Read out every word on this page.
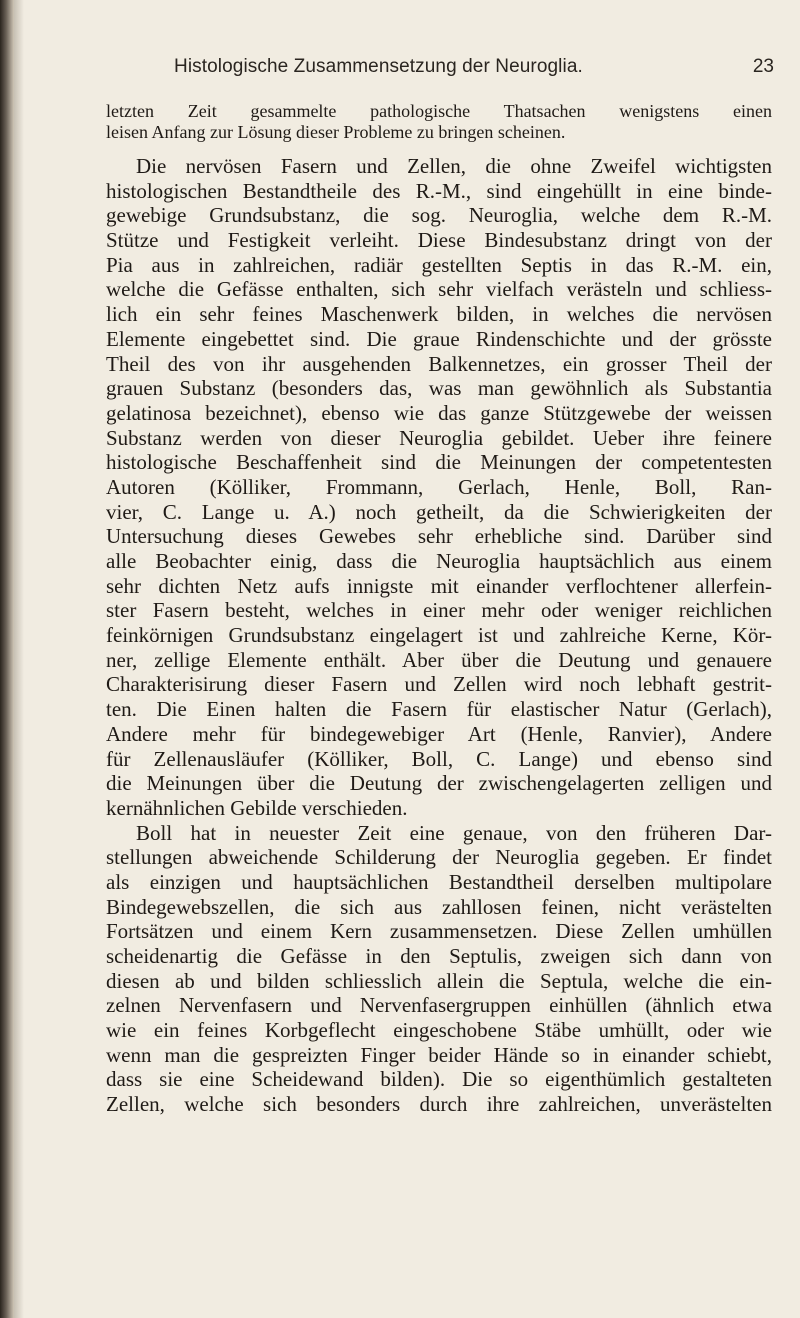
Histologische Zusammensetzung der Neuroglia.	23
letzten Zeit gesammelte pathologische Thatsachen wenigstens einen
leisen Anfang zur Lösung dieser Probleme zu bringen scheinen.
Die nervösen Fasern und Zellen, die ohne Zweifel wichtigsten
histologischen Bestandtheile des R.-M., sind eingehüllt in eine binde-
gewebige Grundsubstanz, die sog. Neuroglia, welche dem R.-M.
Stütze und Festigkeit verleiht. Diese Bindesubstanz dringt von der
Pia aus in zahlreichen, radiär gestellten Septis in das R.-M. ein,
welche die Gefässe enthalten, sich sehr vielfach verästeln und schliess-
lich ein sehr feines Maschenwerk bilden, in welches die nervösen
Elemente eingebettet sind. Die graue Rindenschichte und der grösste
Theil des von ihr ausgehenden Balkennetzes, ein grosser Theil der
grauen Substanz (besonders das, was man gewöhnlich als Substantia
gelatinosa bezeichnet), ebenso wie das ganze Stützgewebe der weissen
Substanz werden von dieser Neuroglia gebildet. Ueber ihre feinere
histologische Beschaffenheit sind die Meinungen der competentesten
Autoren (Kölliker, Frommann, Gerlach, Henle, Boll, Ran-
vier, C. Lange u. A.) noch getheilt, da die Schwierigkeiten der
Untersuchung dieses Gewebes sehr erhebliche sind. Darüber sind
alle Beobachter einig, dass die Neuroglia hauptsächlich aus einem
sehr dichten Netz aufs innigste mit einander verflochtener allerfein-
ster Fasern besteht, welches in einer mehr oder weniger reichlichen
feinkörnigen Grundsubstanz eingelagert ist und zahlreiche Kerne, Kör-
ner, zellige Elemente enthält. Aber über die Deutung und genauere
Charakterisirung dieser Fasern und Zellen wird noch lebhaft gestrit-
ten. Die Einen halten die Fasern für elastischer Natur (Gerlach),
Andere mehr für bindegewebiger Art (Henle, Ranvier), Andere
für Zellenausläufer (Kölliker, Boll, C. Lange) und ebenso sind
die Meinungen über die Deutung der zwischengelagerten zelligen und
kernähnlichen Gebilde verschieden.
Boll hat in neuester Zeit eine genaue, von den früheren Dar-
stellungen abweichende Schilderung der Neuroglia gegeben. Er findet
als einzigen und hauptsächlichen Bestandtheil derselben multipolare
Bindegewebszellen, die sich aus zahllosen feinen, nicht verästelten
Fortsätzen und einem Kern zusammensetzen. Diese Zellen umhüllen
scheidenartig die Gefässe in den Septulis, zweigen sich dann von
diesen ab und bilden schliesslich allein die Septula, welche die ein-
zelnen Nervenfasern und Nervenfasergruppen einhüllen (ähnlich etwa
wie ein feines Korbgeflecht eingeschobene Stäbe umhüllt, oder wie
wenn man die gespreizten Finger beider Hände so in einander schiebt,
dass sie eine Scheidewand bilden). Die so eigenthümlich gestalteten
Zellen, welche sich besonders durch ihre zahlreichen, unverästelten
